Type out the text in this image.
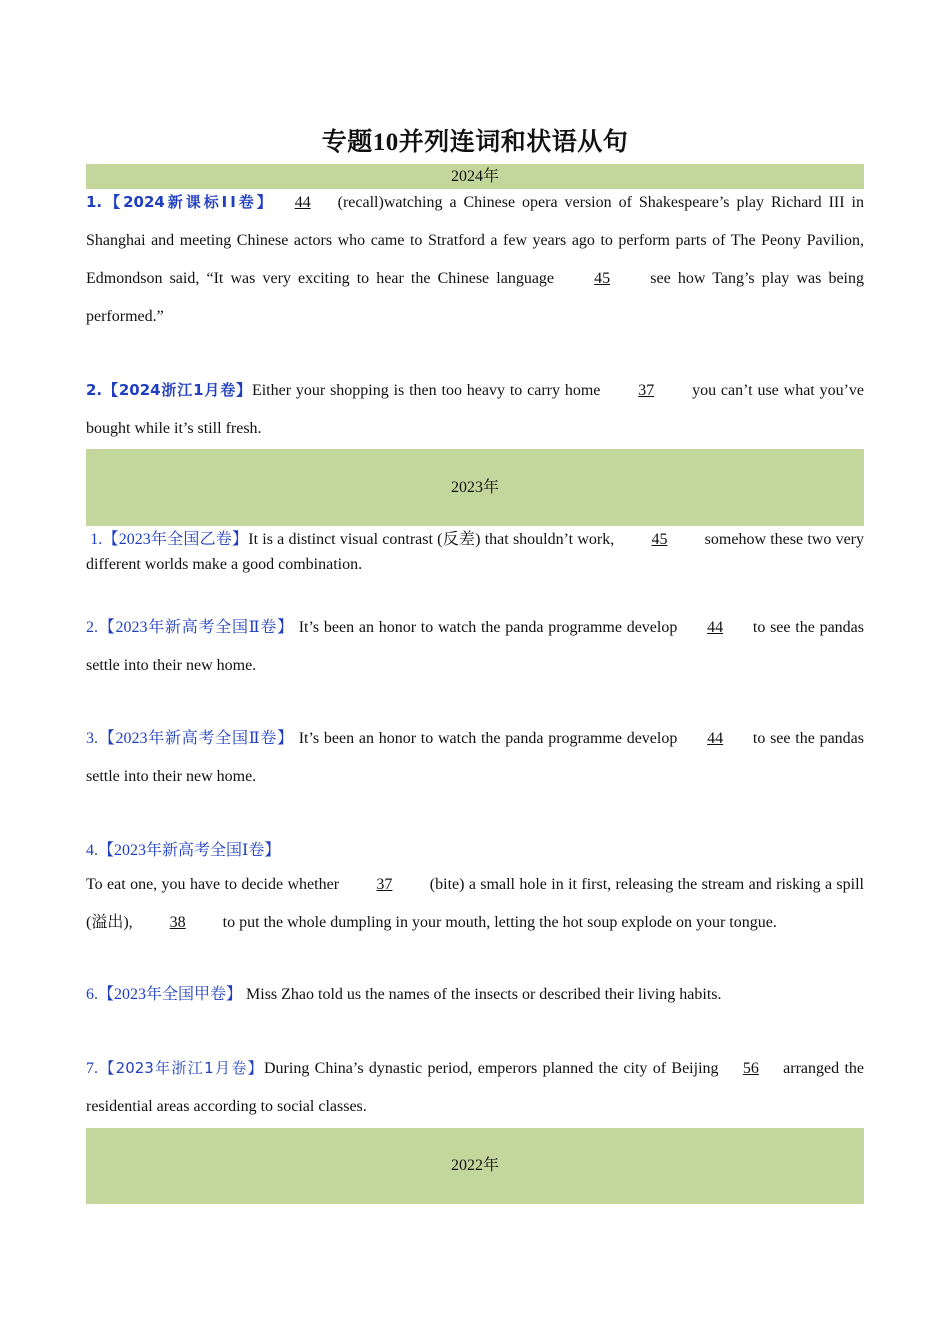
专题10并列连词和状语从句
2024年
1.【2024新课标ⅠⅠ卷】 44 (recall)watching a Chinese opera version of Shakespeare’s play Richard III in Shanghai and meeting Chinese actors who came to Stratford a few years ago to perform parts of The Peony Pavilion, Edmondson said, “It was very exciting to hear the Chinese language 45 see how Tang’s play was being performed.”
2.【2024浙江1月卷】Either your shopping is then too heavy to carry home 37 you can’t use what you’ve bought while it’s still fresh.
2023年
1.【2023年全国乙卷】It is a distinct visual contrast (反差) that shouldn’t work, 45 somehow these two very different worlds make a good combination.
2.【2023年新高考全国Ⅱ卷】 It’s been an honor to watch the panda programme develop 44 to see the pandas settle into their new home.
3.【2023年新高考全国Ⅱ卷】 It’s been an honor to watch the panda programme develop 44 to see the pandas settle into their new home.
4.【2023年新高考全国Ⅰ卷】
To eat one, you have to decide whether 37 (bite) a small hole in it first, releasing the stream and risking a spill (溢出), 38 to put the whole dumpling in your mouth, letting the hot soup explode on your tongue.
6.【2023年全国甲卷】 Miss Zhao told us the names of the insects or described their living habits.
7.【2023年浙江1月卷】During China’s dynastic period, emperors planned the city of Beijing 56 arranged the residential areas according to social classes.
2022年
